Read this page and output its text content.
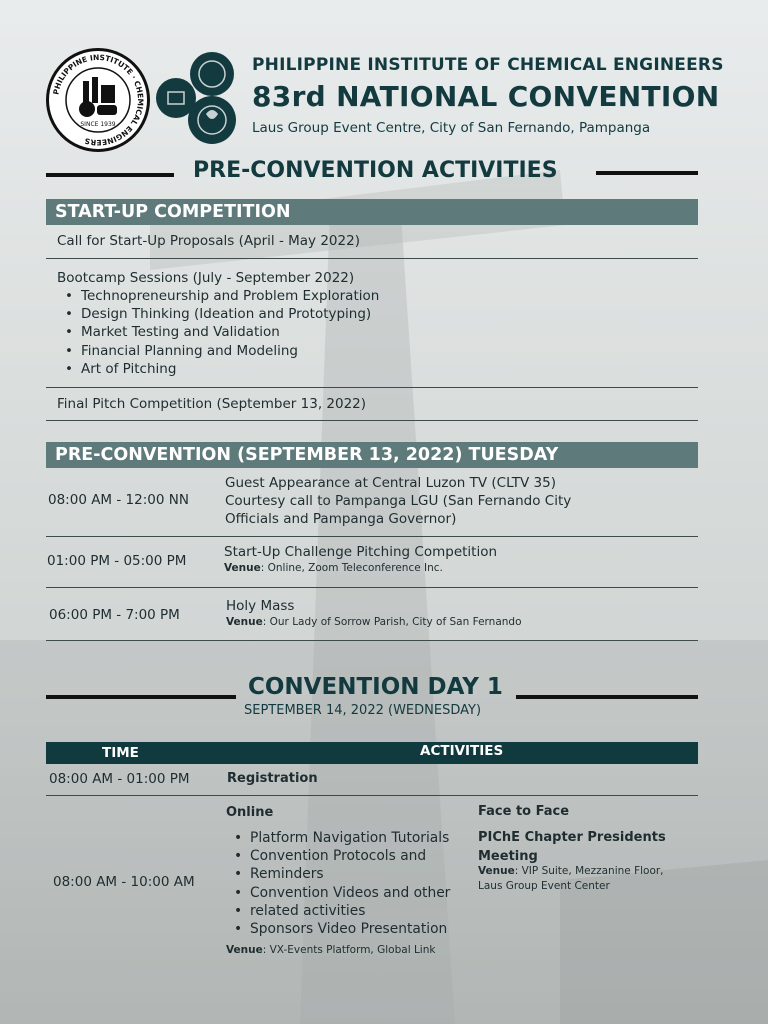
SINCE 1939
PHILIPPINE INSTITUTE · CHEMICAL ENGINEERS
PHILIPPINE INSTITUTE OF CHEMICAL ENGINEERS
83rd NATIONAL CONVENTION
Laus Group Event Centre, City of San Fernando, Pampanga
PRE-CONVENTION ACTIVITIES
START-UP COMPETITION
Call for Start-Up Proposals (April - May 2022)
Bootcamp Sessions (July - September 2022)
• Technopreneurship and Problem Exploration
• Design Thinking (Ideation and Prototyping)
• Market Testing and Validation
• Financial Planning and Modeling
• Art of Pitching
Final Pitch Competition (September 13, 2022)
PRE-CONVENTION (SEPTEMBER 13, 2022) TUESDAY
08:00 AM - 12:00 NN
Guest Appearance at Central Luzon TV (CLTV 35)
Courtesy call to Pampanga LGU (San Fernando City
Officials and Pampanga Governor)
01:00 PM - 05:00 PM
Start-Up Challenge Pitching Competition
Venue: Online, Zoom Teleconference Inc.
06:00 PM - 7:00 PM
Holy Mass
Venue: Our Lady of Sorrow Parish, City of San Fernando
CONVENTION DAY 1
SEPTEMBER 14, 2022 (WEDNESDAY)
TIME	ACTIVITIES
08:00 AM - 01:00 PM	Registration
08:00 AM - 10:00 AM
Online
• Platform Navigation Tutorials
• Convention Protocols and
• Reminders
• Convention Videos and other
• related activities
• Sponsors Video Presentation
Venue: VX-Events Platform, Global Link
Face to Face
PIChE Chapter Presidents
Meeting
Venue: VIP Suite, Mezzanine Floor,
Laus Group Event Center
